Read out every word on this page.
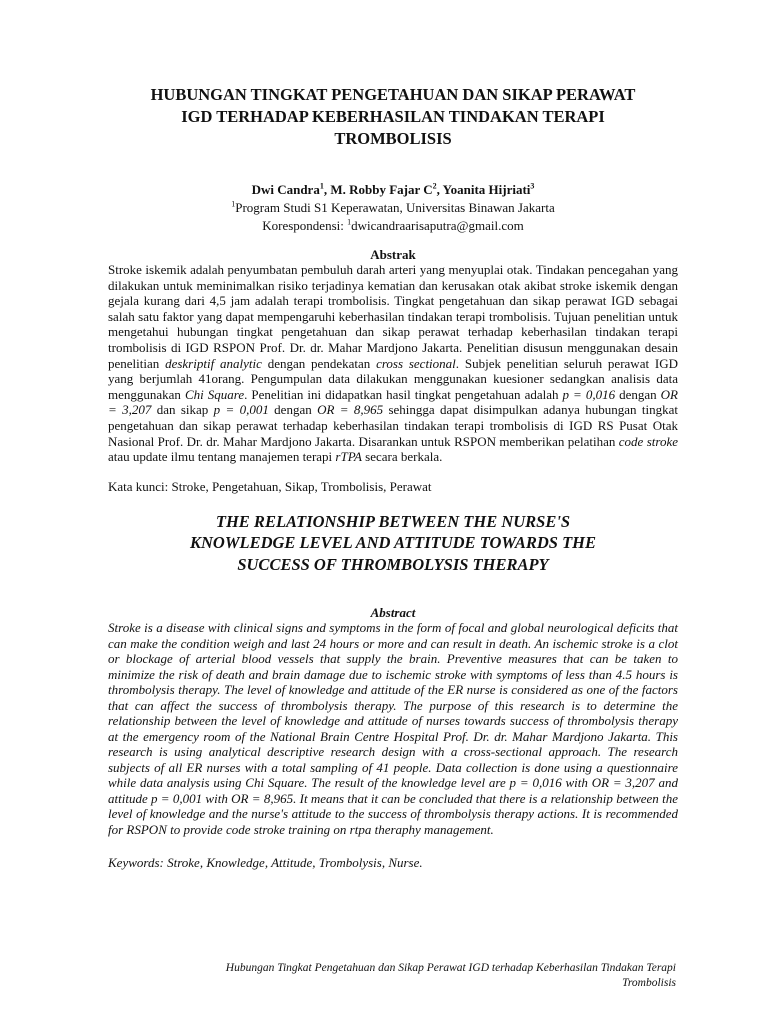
HUBUNGAN TINGKAT PENGETAHUAN DAN SIKAP PERAWAT
IGD TERHADAP KEBERHASILAN TINDAKAN TERAPI
TROMBOLISIS
Dwi Candra$^1$, M. Robby Fajar $C^2$, Yoanita Hijriati$^3$
$^1$Program Studi S1 Keperawatan, Universitas Binawan Jakarta
Korespondensi: $^1$dwicandraarisaputra@gmail.com
Abstrak

Stroke iskemik adalah penyumbatan pembuluh darah arteri yang menyuplai otak. Tindakan pencegahan yang dilakukan untuk meminimalkan risiko terjadinya kematian dan kerusakan otak akibat stroke iskemik dengan gejala kurang dari 4,5 jam adalah terapi trombolisis. Tingkat pengetahuan dan sikap perawat IGD sebagai salah satu faktor yang dapat mempengaruhi keberhasilan tindakan terapi trombolisis. Tujuan penelitian untuk mengetahui hubungan tingkat pengetahuan dan sikap perawat terhadap keberhasilan tindakan terapi trombolisis di IGD RSPON Prof. Dr. dr. Mahar Mardjono Jakarta. Penelitian disusun menggunakan desain penelitian deskriptif analytic dengan pendekatan cross sectional. Subjek penelitian seluruh perawat IGD yang berjumlah 41orang. Pengumpulan data dilakukan menggunakan kuesioner sedangkan analisis data menggunakan Chi Square. Penelitian ini didapatkan hasil tingkat pengetahuan adalah p = 0,016 dengan OR = 3,207 dan sikap p = 0,001 dengan OR = 8,965 sehingga dapat disimpulkan adanya hubungan tingkat pengetahuan dan sikap perawat terhadap keberhasilan tindakan terapi trombolisis di IGD RS Pusat Otak Nasional Prof. Dr. dr. Mahar Mardjono Jakarta. Disarankan untuk RSPON memberikan pelatihan code stroke atau update ilmu tentang manajemen terapi rTPA secara berkala.

Kata kunci: Stroke, Pengetahuan, Sikap, Trombolisis, Perawat
THE RELATIONSHIP BETWEEN THE NURSE'S
KNOWLEDGE LEVEL AND ATTITUDE TOWARDS THE
SUCCESS OF THROMBOLYSIS THERAPY
Abstract

Stroke is a disease with clinical signs and symptoms in the form of focal and global neurological deficits that can make the condition weigh and last 24 hours or more and can result in death. An ischemic stroke is a clot or blockage of arterial blood vessels that supply the brain. Preventive measures that can be taken to minimize the risk of death and brain damage due to ischemic stroke with symptoms of less than 4.5 hours is thrombolysis therapy. The level of knowledge and attitude of the ER nurse is considered as one of the factors that can affect the success of thrombolysis therapy. The purpose of this research is to determine the relationship between the level of knowledge and attitude of nurses towards success of thrombolysis therapy at the emergency room of the National Brain Centre Hospital Prof. Dr. dr. Mahar Mardjono Jakarta. This research is using analytical descriptive research design with a cross-sectional approach. The research subjects of all ER nurses with a total sampling of 41 people. Data collection is done using a questionnaire while data analysis using Chi Square. The result of the knowledge level are p = 0,016 with OR = 3,207 and attitude p = 0,001 with OR = 8,965. It means that it can be concluded that there is a relationship between the level of knowledge and the nurse's attitude to the success of thrombolysis therapy actions. It is recommended for RSPON to provide code stroke training on rtpa theraphy management.

Keywords: Stroke, Knowledge, Attitude, Trombolysis, Nurse.
Hubungan Tingkat Pengetahuan dan Sikap Perawat IGD terhadap Keberhasilan Tindakan Terapi
Trombolisis
